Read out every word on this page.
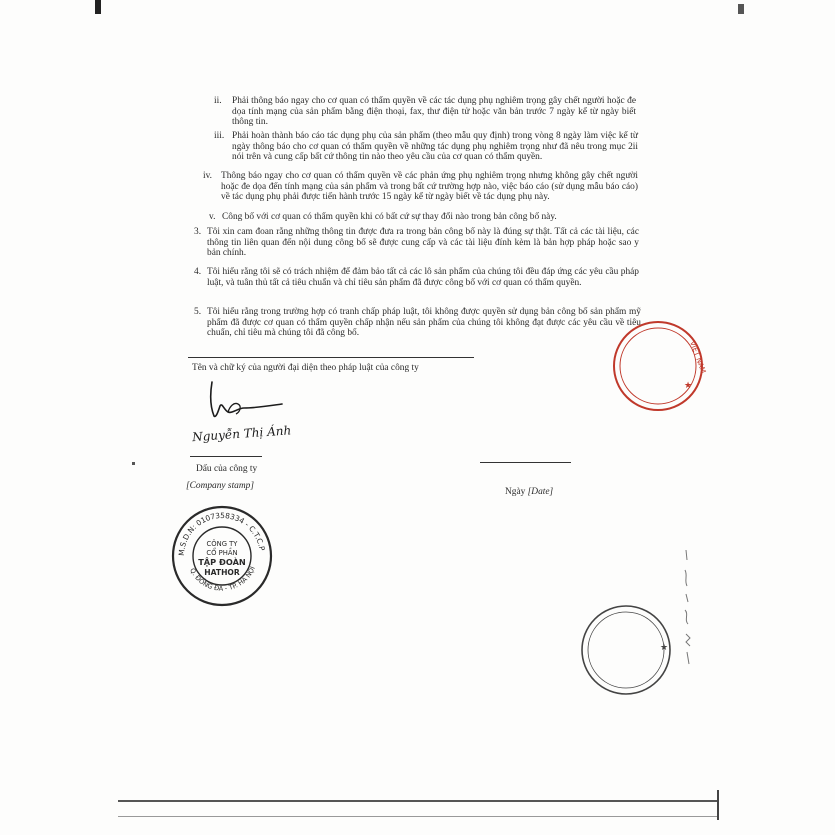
ii. Phải thông báo ngay cho cơ quan có thẩm quyền về các tác dụng phụ nghiêm trọng gây chết người hoặc đe dọa tính mạng của sản phẩm bằng điện thoại, fax, thư điện tử hoặc văn bản trước 7 ngày kể từ ngày biết thông tin.
iii. Phải hoàn thành báo cáo tác dụng phụ của sản phẩm (theo mẫu quy định) trong vòng 8 ngày làm việc kể từ ngày thông báo cho cơ quan có thẩm quyền về những tác dụng phụ nghiêm trọng như đã nêu trong mục 2ii nói trên và cung cấp bất cứ thông tin nào theo yêu cầu của cơ quan có thẩm quyền.
iv. Thông báo ngay cho cơ quan có thẩm quyền về các phản ứng phụ nghiêm trọng nhưng không gây chết người hoặc đe dọa đến tính mạng của sản phẩm và trong bất cứ trường hợp nào, việc báo cáo (sử dụng mẫu báo cáo) về tác dụng phụ phải được tiến hành trước 15 ngày kể từ ngày biết về tác dụng phụ này.
v. Công bố với cơ quan có thẩm quyền khi có bất cứ sự thay đổi nào trong bản công bố này.
3. Tôi xin cam đoan rằng những thông tin được đưa ra trong bản công bố này là đúng sự thật. Tất cả các tài liệu, các thông tin liên quan đến nội dung công bố sẽ được cung cấp và các tài liệu đính kèm là bản hợp pháp hoặc sao y bản chính.
4. Tôi hiểu rằng tôi sẽ có trách nhiệm để đảm bảo tất cả các lô sản phẩm của chúng tôi đều đáp ứng các yêu cầu pháp luật, và tuân thủ tất cả tiêu chuẩn và chỉ tiêu sản phẩm đã được công bố với cơ quan có thẩm quyền.
5. Tôi hiểu rằng trong trường hợp có tranh chấp pháp luật, tôi không được quyền sử dụng bản công bố sản phẩm mỹ phẩm đã được cơ quan có thẩm quyền chấp nhận nếu sản phẩm của chúng tôi không đạt được các yêu cầu về tiêu chuẩn, chỉ tiêu mà chúng tôi đã công bố.
Tên và chữ ký của người đại diện theo pháp luật của công ty
Nguyễn Thị Ánh
Dấu của công ty
[Company stamp]
Ngày [Date]
M.S.D.N: 0107358334 - C.T.C.P
Q. ĐỐNG ĐA - TP. HÀ NỘI
CÔNG TY
CỔ PHẦN
TẬP ĐOÀN
HATHOR
VIỆT NAM
★
★
